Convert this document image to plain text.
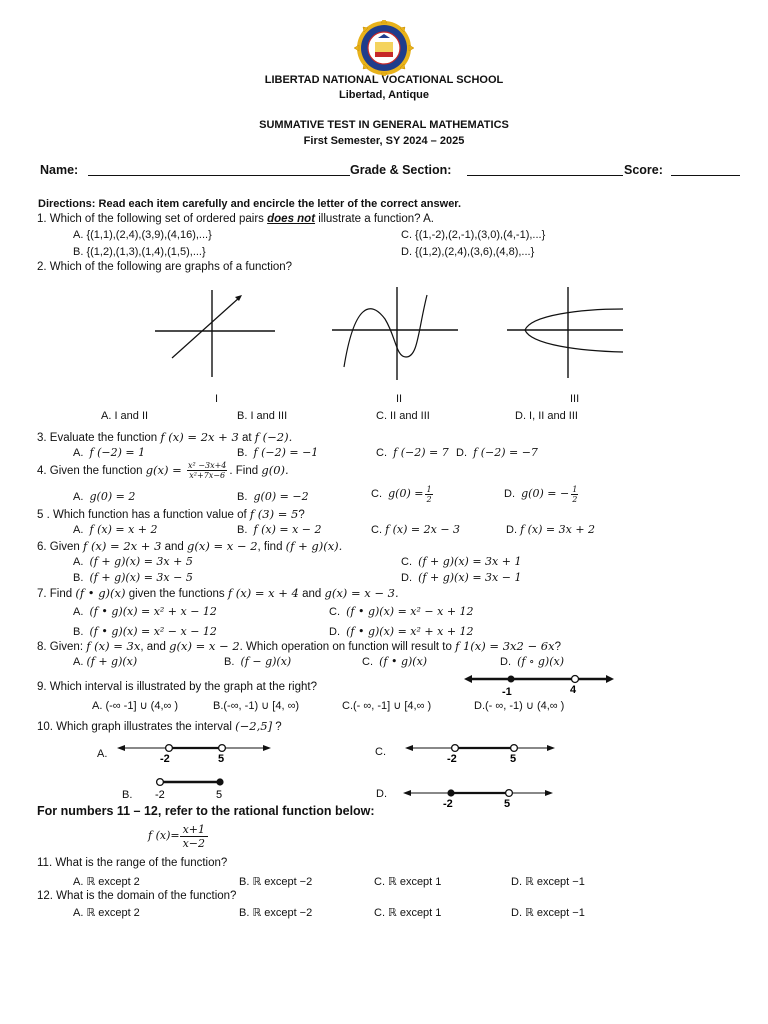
LIBERTAD NATIONAL VOCATIONAL SCHOOL
Libertad, Antique
SUMMATIVE TEST IN GENERAL MATHEMATICS
First Semester, SY 2024 – 2025
Name:	Grade & Section:	Score:
Directions: Read each item carefully and encircle the letter of the correct answer.
1. Which of the following set of ordered pairs does not illustrate a function? A.
A. {(1,1),(2,4),(3,9),(4,16),...}	C. {(1,-2),(2,-1),(3,0),(4,-1),...}
B. {(1,2),(1,3),(1,4),(1,5),...}	D. {(1,2),(2,4),(3,6),(4,8),...}
2. Which of the following are graphs of a function?
I	II	III
A. I and II	B. I and III	C. II and III	D. I, II and III
3. Evaluate the function f (x) = 2x + 3 at f (−2).
A.  f (−2) = 1	B.  f (−2) = −1	C.  f (−2) = 7 D.  f (−2) = −7
4. Given the function $g(x) = \frac{\text{x² −3x+4}}{\text{x²+7x−6}}$ . Find g(0).
A.  g(0) = 2	B.  g(0) = −2	C.  $g(0) = \frac{1}{2}$	D.  g(0) = − $\frac{1}{2}$
5 . Which function has a function value of f (3) = 5?
A.  f (x) = x + 2	B.  f (x) = x − 2	C. f (x) = 2x − 3	D. f (x) = 3x + 2
6. Given f (x) = 2x + 3 and g(x) = x − 2, find (f + g)(x).
A.  (f + g)(x) = 3x + 5	C.  (f + g)(x) = 3x + 1
B.  (f + g)(x) = 3x − 5	D.  (f + g)(x) = 3x − 1
7. Find (f • g)(x) given the functions f (x) = x + 4 and g(x) = x − 3.
A.  (f • g)(x) = x² + x − 12	C.  (f • g)(x) = x² − x + 12
B.  (f • g)(x) = x² − x − 12	D.  (f • g)(x) = x² + x + 12
8. Given: f (x) = 3x, and g(x) = x − 2. Which operation on function will result to f 1(x) = 3x2 − 6x?
A. (f + g)(x)	B.  (f − g)(x)	C.  (f • g)(x)	D.  (f ∘ g)(x)
9. Which interval is illustrated by the graph at the right?	-1	4
A. (-∞ -1] ∪ (4,∞ )	B.(-∞, -1) ∪ [4, ∞)	C.(- ∞, -1] ∪ [4,∞ )	D.(- ∞, -1) ∪ (4,∞ )
10. Which graph illustrates the interval (−2,5] ?
A.	-2	5
C.
-2	5
B. -2	5	D.
-2	5
For numbers 11 – 12, refer to the rational function below:
f $(x)= \frac{x+1}{x-2}$
11. What is the range of the function?
A. ℝ except 2	B. ℝ except −2	C. ℝ except 1	D. ℝ except −1
12. What is the domain of the function?
A. ℝ except 2	B. ℝ except −2	C. ℝ except 1	D. ℝ except −1
